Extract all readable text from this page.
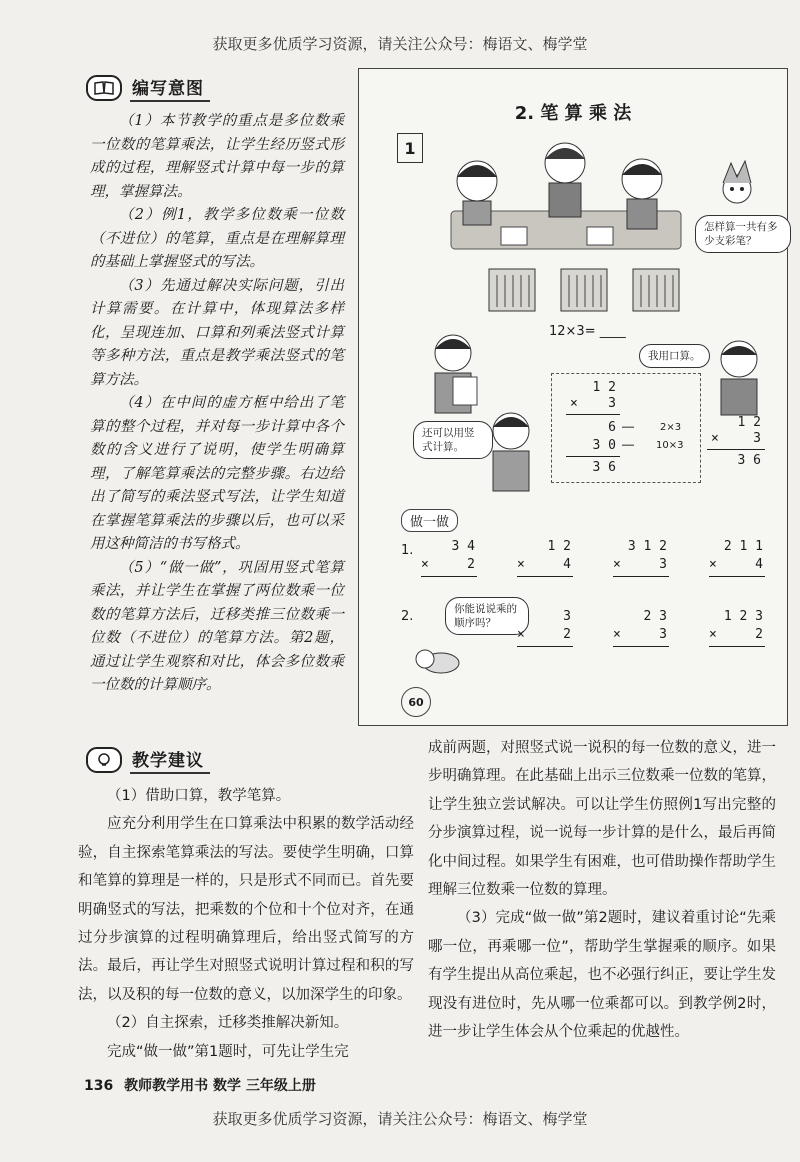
获取更多优质学习资源，请关注公众号：梅语文、梅学堂
编写意图

（1）本节教学的重点是多位数乘一位数的笔算乘法，让学生经历竖式形成的过程，理解竖式计算中每一步的算理，掌握算法。

（2）例1，教学多位数乘一位数（不进位）的笔算，重点是在理解算理的基础上掌握竖式的写法。

（3）先通过解决实际问题，引出计算需要。在计算中，体现算法多样化，呈现连加、口算和列乘法竖式计算等多种方法，重点是教学乘法竖式的笔算方法。

（4）在中间的虚方框中给出了笔算的整个过程，并对每一步计算中各个数的含义进行了说明，使学生明确算理，了解笔算乘法的完整步骤。右边给出了简写的乘法竖式写法，让学生知道在掌握笔算乘法的步骤以后，也可以采用这种简洁的书写格式。

（5）“做一做”，巩固用竖式笔算乘法，并让学生在掌握了两位数乘一位数的笔算方法后，迁移类推三位数乘一位数（不进位）的笔算方法。第2题，通过让学生观察和对比，体会多位数乘一位数的计算顺序。

2. 笔 算 乘 法
1
怎样算一共有多少支彩笔？
12×3= ____
我用口算。
还可以用竖式计算。
1 2
×	3
6 ……	2×3
3 0 …… 10×3
3 6
1 2
×	3
3 6
做一做
1.	3 4
×	2
1 2
×	4
3 1 2
×	3
2 1 1
×	4
2.	你能说说乘的顺序吗？	3
×	2
2 3
×	3
1 2 3
×	2
60
教学建议

（1）借助口算，教学笔算。

应充分利用学生在口算乘法中积累的数学活动经验，自主探索笔算乘法的写法。要使学生明确，口算和笔算的算理是一样的，只是形式不同而已。首先要明确竖式的写法，把乘数的个位和十个位对齐，在通过分步演算的过程明确算理后，给出竖式简写的方法。最后，再让学生对照竖式说明计算过程和积的写法，以及积的每一位数的意义，以加深学生的印象。

（2）自主探索，迁移类推解决新知。

完成“做一做”第1题时，可先让学生完

成前两题，对照竖式说一说积的每一位数的意义，进一步明确算理。在此基础上出示三位数乘一位数的笔算，让学生独立尝试解决。可以让学生仿照例1写出完整的分步演算过程，说一说每一步计算的是什么，最后再简化中间过程。如果学生有困难，也可借助操作帮助学生理解三位数乘一位数的算理。

（3）完成“做一做”第2题时，建议着重讨论“先乘哪一位，再乘哪一位”，帮助学生掌握乘的顺序。如果有学生提出从高位乘起，也不必强行纠正，要让学生发现没有进位时，先从哪一位乘都可以。到教学例2时，进一步让学生体会从个位乘起的优越性。

136 教师教学用书 数学 三年级上册
获取更多优质学习资源，请关注公众号：梅语文、梅学堂
